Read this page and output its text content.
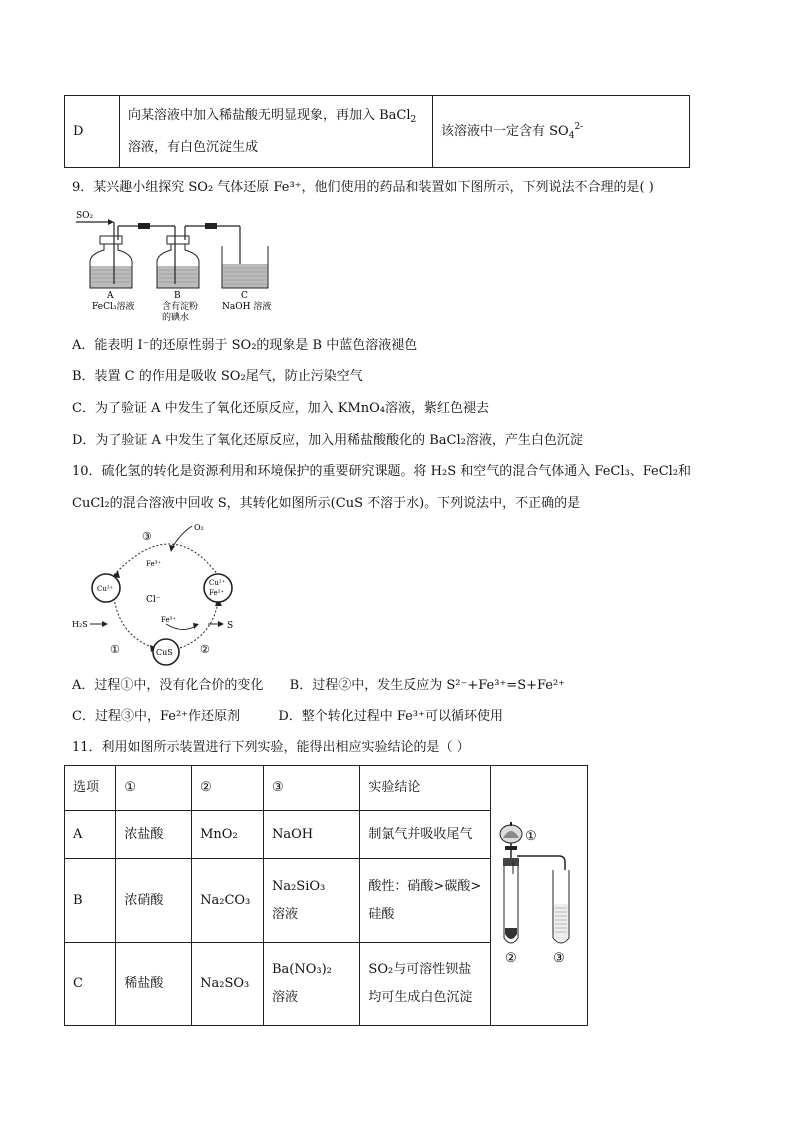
D	向某溶液中加入稀盐酸无明显现象，再加入 BaCl$_2$
溶液，有白色沉淀生成	该溶液中一定含有 $SO_4^{2-}$
9．某兴趣小组探究 SO₂ 气体还原 Fe³⁺，他们使用的药品和装置如下图所示，下列说法不合理的是( )
SO₂
A
FeCl₃溶液
B
含有淀粉
的碘水
C
NaOH 溶液
A．能表明 I⁻的还原性弱于 SO₂的现象是 B 中蓝色溶液褪色
B．装置 C 的作用是吸收 SO₂尾气，防止污染空气
C．为了验证 A 中发生了氧化还原反应，加入 KMnO₄溶液，紫红色褪去
D．为了验证 A 中发生了氧化还原反应，加入用稀盐酸酸化的 BaCl₂溶液，产生白色沉淀
10．硫化氢的转化是资源利用和环境保护的重要研究课题。将 H₂S 和空气的混合气体通入 FeCl₃、FeCl₂和
CuCl₂的混合溶液中回收 S，其转化如图所示(CuS 不溶于水)。下列说法中，不正确的是
O₂
③
Fe³⁺
Cu²⁺
Cl⁻
Cu²⁺
Fe²⁺
H₂S
CuS
Fe³⁺
S
①	②
A．过程①中，没有化合价的变化 B．过程②中，发生反应为 S²⁻+Fe³⁺=S+Fe²⁺
C．过程③中，Fe²⁺作还原剂	D．整个转化过程中 Fe³⁺可以循环使用
11．利用如图所示装置进行下列实验，能得出相应实验结论的是（ ）
选项	①	②	③	实验结论	①
② ③

A	浓盐酸	MnO₂	NaOH	制氯气并吸收尾气	
B	浓硝酸	Na₂CO₃	Na₂SiO₃
溶液	酸性：硝酸>碳酸>
硅酸	
C	稀盐酸	Na₂SO₃	Ba(NO₃)₂
溶液	SO₂与可溶性钡盐
均可生成白色沉淀	
